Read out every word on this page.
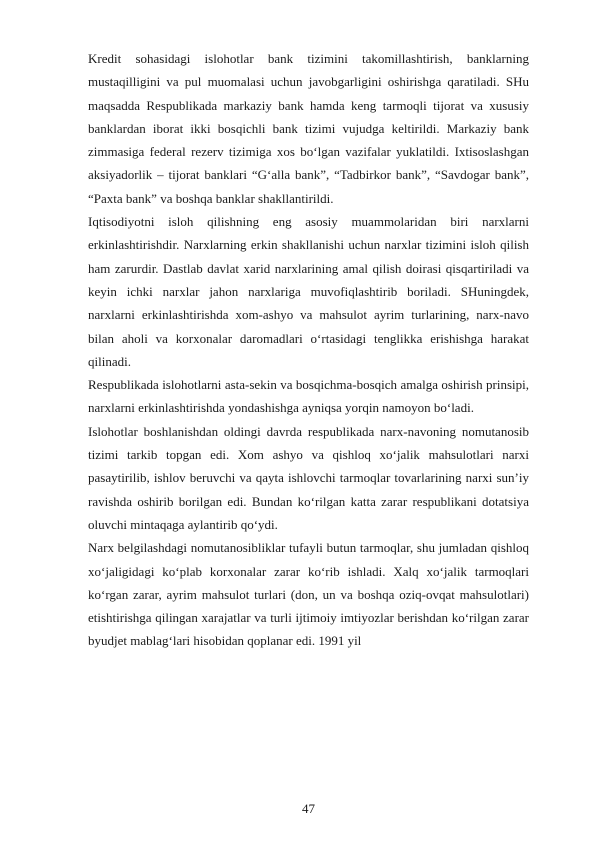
Kredit sohasidagi islohotlar bank tizimini takomillashtirish, banklarning mustaqilligini va pul muomalasi uchun javobgarligini oshirishga qaratiladi. SHu maqsadda Respublikada markaziy bank hamda keng tarmoqli tijorat va xususiy banklardan iborat ikki bosqichli bank tizimi vujudga keltirildi. Markaziy bank zimmasiga federal rezerv tizimiga xos bo‘lgan vazifalar yuklatildi. Ixtisoslashgan aksiyadorlik – tijorat banklari “G‘alla bank”, “Tadbirkor bank”, “Savdogar bank”, “Paxta bank” va boshqa banklar shakllantirildi.

Iqtisodiyotni isloh qilishning eng asosiy muammolaridan biri narxlarni erkinlashtirishdir. Narxlarning erkin shakllanishi uchun narxlar tizimini isloh qilish ham zarurdir. Dastlab davlat xarid narxlarining amal qilish doirasi qisqartiriladi va keyin ichki narxlar jahon narxlariga muvofiqlashtirib boriladi. SHuningdek, narxlarni erkinlashtirishda xom-ashyo va mahsulot ayrim turlarining, narx-navo bilan aholi va korxonalar daromadlari o‘rtasidagi tenglikka erishishga harakat qilinadi.

Respublikada islohotlarni asta-sekin va bosqichma-bosqich amalga oshirish prinsipi, narxlarni erkinlashtirishda yondashishga ayniqsa yorqin namoyon bo‘ladi.

Islohotlar boshlanishdan oldingi davrda respublikada narx-navoning nomutanosib tizimi tarkib topgan edi. Xom ashyo va qishloq xo‘jalik mahsulotlari narxi pasaytirilib, ishlov beruvchi va qayta ishlovchi tarmoqlar tovarlarining narxi sun’iy ravishda oshirib borilgan edi. Bundan ko‘rilgan katta zarar respublikani dotatsiya oluvchi mintaqaga aylantirib qo‘ydi.

Narx belgilashdagi nomutanosibliklar tufayli butun tarmoqlar, shu jumladan qishloq xo‘jaligidagi ko‘plab korxonalar zarar ko‘rib ishladi. Xalq xo‘jalik tarmoqlari ko‘rgan zarar, ayrim mahsulot turlari (don, un va boshqa oziq-ovqat mahsulotlari) etishtirishga qilingan xarajatlar va turli ijtimoiy imtiyozlar berishdan ko‘rilgan zarar byudjet mablag‘lari hisobidan qoplanar edi. 1991 yil

47
